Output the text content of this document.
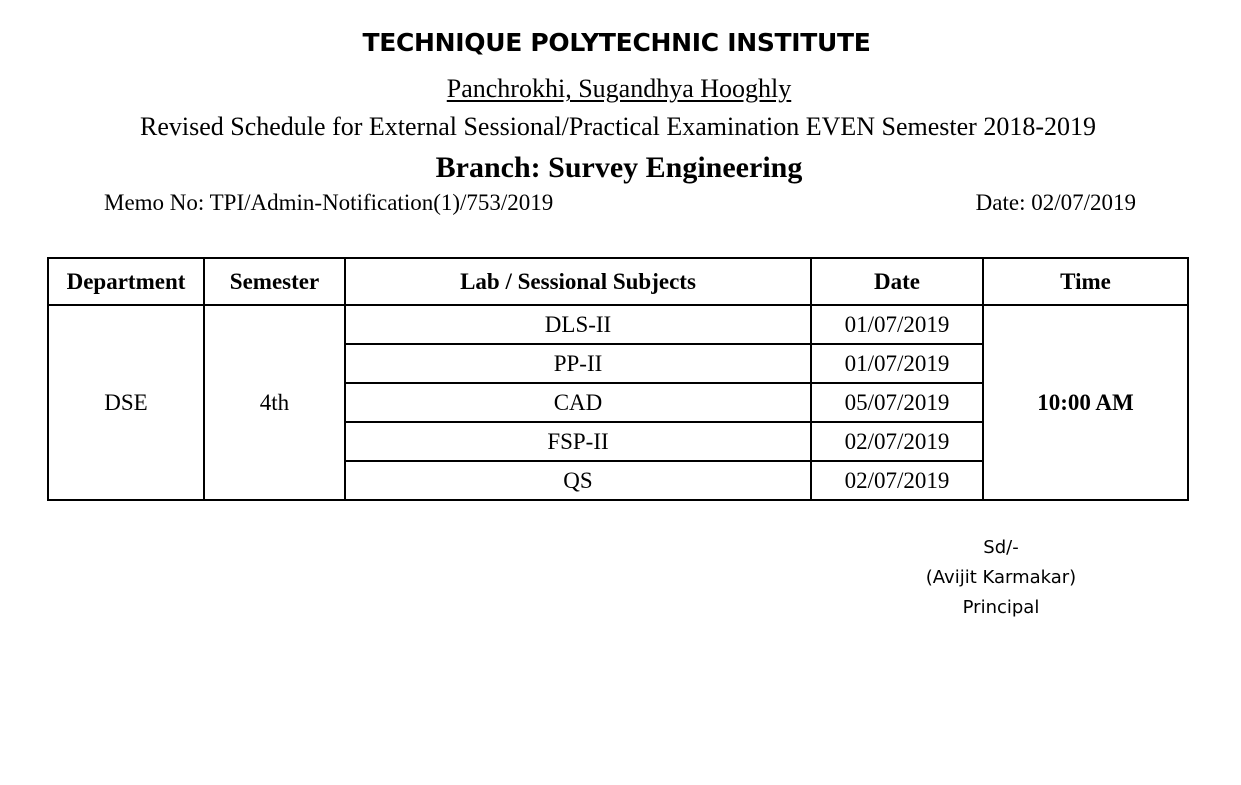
TECHNIQUE POLYTECHNIC INSTITUTE
Panchrokhi, Sugandhya Hooghly
Revised Schedule for External Sessional/Practical Examination EVEN Semester 2018-2019
Branch: Survey Engineering
Memo No: TPI/Admin-Notification(1)/753/2019	Date: 02/07/2019
Department	Semester	Lab / Sessional Subjects	Date	Time
DSE	4th	DLS-II	01/07/2019	10:00 AM
		PP-II	01/07/2019	
		CAD	05/07/2019	
		FSP-II	02/07/2019	
		QS	02/07/2019	
Sd/-
(Avijit Karmakar)
Principal
